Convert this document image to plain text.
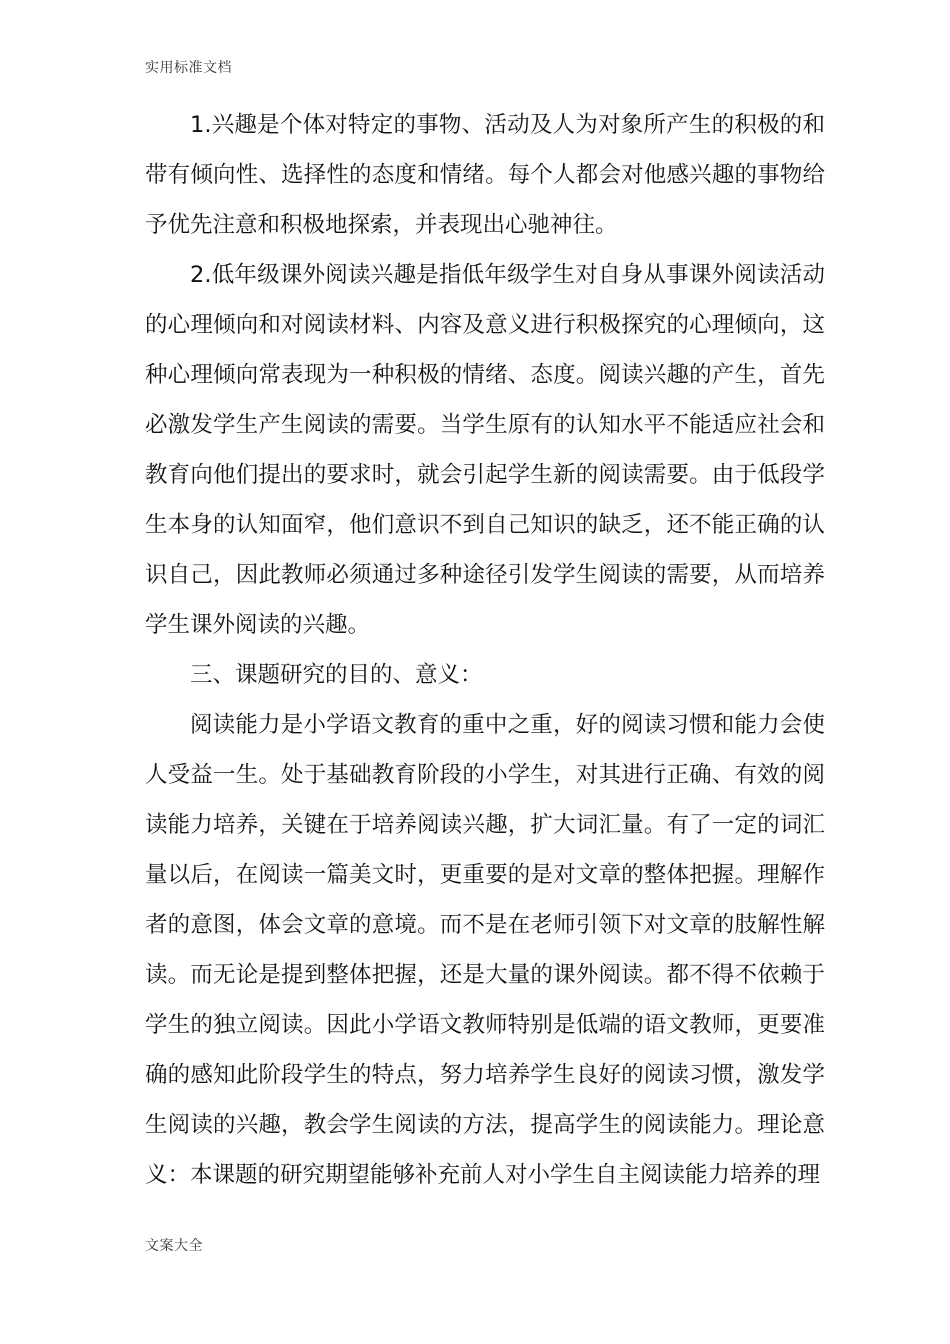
实用标准文档

1.兴趣是个体对特定的事物、活动及人为对象所产生的积极的和带有倾向性、选择性的态度和情绪。每个人都会对他感兴趣的事物给予优先注意和积极地探索，并表现出心驰神往。

2.低年级课外阅读兴趣是指低年级学生对自身从事课外阅读活动的心理倾向和对阅读材料、内容及意义进行积极探究的心理倾向，这种心理倾向常表现为一种积极的情绪、态度。阅读兴趣的产生，首先必激发学生产生阅读的需要。当学生原有的认知水平不能适应社会和教育向他们提出的要求时，就会引起学生新的阅读需要。由于低段学生本身的认知面窄，他们意识不到自己知识的缺乏，还不能正确的认识自己，因此教师必须通过多种途径引发学生阅读的需要，从而培养学生课外阅读的兴趣。

三、课题研究的目的、意义：

阅读能力是小学语文教育的重中之重，好的阅读习惯和能力会使人受益一生。处于基础教育阶段的小学生，对其进行正确、有效的阅读能力培养，关键在于培养阅读兴趣，扩大词汇量。有了一定的词汇量以后，在阅读一篇美文时，更重要的是对文章的整体把握。理解作者的意图，体会文章的意境。而不是在老师引领下对文章的肢解性解读。而无论是提到整体把握，还是大量的课外阅读。都不得不依赖于学生的独立阅读。因此小学语文教师特别是低端的语文教师，更要准确的感知此阶段学生的特点，努力培养学生良好的阅读习惯，激发学生阅读的兴趣，教会学生阅读的方法，提高学生的阅读能力。理论意义：本课题的研究期望能够补充前人对小学生自主阅读能力培养的理

文案大全
